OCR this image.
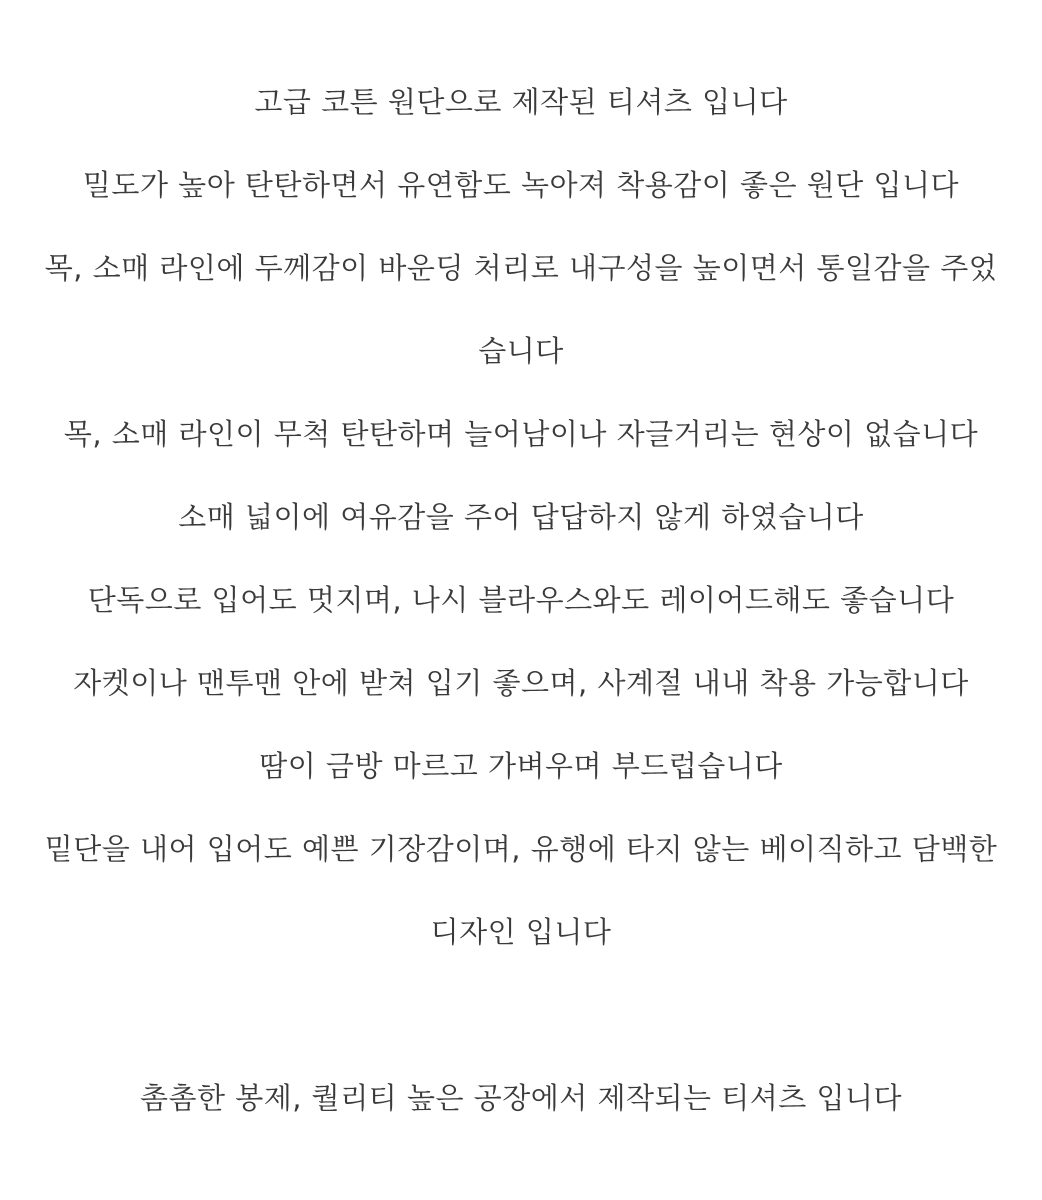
고급 코튼 원단으로 제작된 티셔츠 입니다
밀도가 높아 탄탄하면서 유연함도 녹아져 착용감이 좋은 원단 입니다
목, 소매 라인에 두께감이 바운딩 처리로 내구성을 높이면서 통일감을 주었
습니다
목, 소매 라인이 무척 탄탄하며 늘어남이나 자글거리는 현상이 없습니다
소매 넓이에 여유감을 주어 답답하지 않게 하였습니다
단독으로 입어도 멋지며, 나시 블라우스와도 레이어드해도 좋습니다
자켓이나 맨투맨 안에 받쳐 입기 좋으며, 사계절 내내 착용 가능합니다
땀이 금방 마르고 가벼우며 부드럽습니다
밑단을 내어 입어도 예쁜 기장감이며, 유행에 타지 않는 베이직하고 담백한
디자인 입니다
촘촘한 봉제, 퀄리티 높은 공장에서 제작되는 티셔츠 입니다
